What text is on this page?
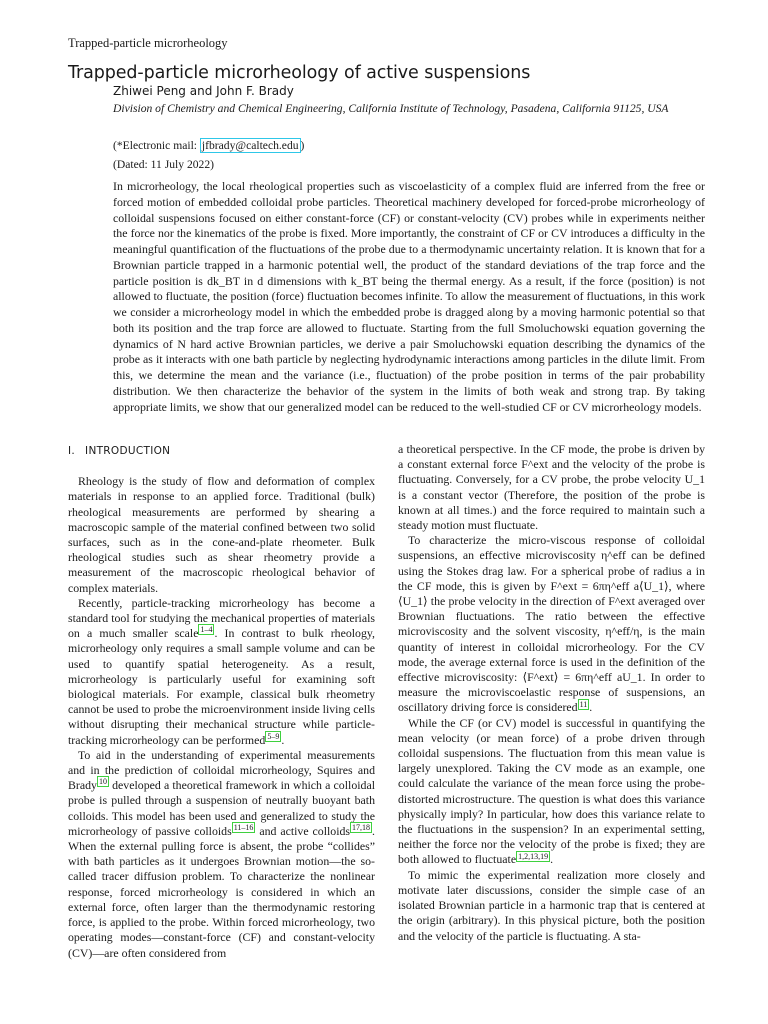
Trapped-particle microrheology
Trapped-particle microrheology of active suspensions
Zhiwei Peng and John F. Brady
Division of Chemistry and Chemical Engineering, California Institute of Technology, Pasadena, California 91125, USA
(*Electronic mail: jfbrady@caltech.edu )
(Dated: 11 July 2022)
In microrheology, the local rheological properties such as viscoelasticity of a complex fluid are inferred from the free or forced motion of embedded colloidal probe particles. Theoretical machinery developed for forced-probe microrheology of colloidal suspensions focused on either constant-force (CF) or constant-velocity (CV) probes while in experiments neither the force nor the kinematics of the probe is fixed. More importantly, the constraint of CF or CV introduces a difficulty in the meaningful quantification of the fluctuations of the probe due to a thermodynamic uncertainty relation. It is known that for a Brownian particle trapped in a harmonic potential well, the product of the standard deviations of the trap force and the particle position is dk_BT in d dimensions with k_BT being the thermal energy. As a result, if the force (position) is not allowed to fluctuate, the position (force) fluctuation becomes infinite. To allow the measurement of fluctuations, in this work we consider a microrheology model in which the embedded probe is dragged along by a moving harmonic potential so that both its position and the trap force are allowed to fluctuate. Starting from the full Smoluchowski equation governing the dynamics of N hard active Brownian particles, we derive a pair Smoluchowski equation describing the dynamics of the probe as it interacts with one bath particle by neglecting hydrodynamic interactions among particles in the dilute limit. From this, we determine the mean and the variance (i.e., fluctuation) of the probe position in terms of the pair probability distribution. We then characterize the behavior of the system in the limits of both weak and strong trap. By taking appropriate limits, we show that our generalized model can be reduced to the well-studied CF or CV microrheology models.
I. INTRODUCTION

Rheology is the study of flow and deformation of complex materials in response to an applied force. Traditional (bulk) rheological measurements are performed by shearing a macroscopic sample of the material confined between two solid surfaces, such as in the cone-and-plate rheometer. Bulk rheological studies such as shear rheometry provide a measurement of the macroscopic rheological behavior of complex materials.

Recently, particle-tracking microrheology has become a standard tool for studying the mechanical properties of materials on a much smaller scale $^{1-4}$ . In contrast to bulk rheology, microrheology only requires a small sample volume and can be used to quantify spatial heterogeneity. As a result, microrheology is particularly useful for examining soft biological materials. For example, classical bulk rheometry cannot be used to probe the microenvironment inside living cells without disrupting their mechanical structure while particle-tracking microrheology can be performed $^{5-9}$ .

To aid in the understanding of experimental measurements and in the prediction of colloidal microrheology, Squires and Brady $^{10}$ developed a theoretical framework in which a colloidal probe is pulled through a suspension of neutrally buoyant bath colloids. This model has been used and generalized to study the microrheology of passive colloids $^{11-16}$ and active colloids $^{17,18}$ . When the external pulling force is absent, the probe “collides” with bath particles as it undergoes Brownian motion—the so-called tracer diffusion problem. To characterize the nonlinear response, forced microrheology is considered in which an external force, often larger than the thermodynamic restoring force, is applied to the probe. Within forced microrheology, two operating modes—constant-force (CF) and constant-velocity (CV)—are often considered from

a theoretical perspective. In the CF mode, the probe is driven by a constant external force F^ext and the velocity of the probe is fluctuating. Conversely, for a CV probe, the probe velocity U_1 is a constant vector (Therefore, the position of the probe is known at all times.) and the force required to maintain such a steady motion must fluctuate.

To characterize the micro-viscous response of colloidal suspensions, an effective microviscosity η^eff can be defined using the Stokes drag law. For a spherical probe of radius a in the CF mode, this is given by F^ext = 6πη^eff a⟨U_1⟩, where ⟨U_1⟩ the probe velocity in the direction of F^ext averaged over Brownian fluctuations. The ratio between the effective microviscosity and the solvent viscosity, η^eff/η, is the main quantity of interest in colloidal microrheology. For the CV mode, the average external force is used in the definition of the effective microviscosity: ⟨F^ext⟩ = 6πη^eff aU_1. In order to measure the microviscoelastic response of suspensions, an oscillatory driving force is considered $^{11}$ .

While the CF (or CV) model is successful in quantifying the mean velocity (or mean force) of a probe driven through colloidal suspensions. The fluctuation from this mean value is largely unexplored. Taking the CV mode as an example, one could calculate the variance of the mean force using the probe-distorted microstructure. The question is what does this variance physically imply? In particular, how does this variance relate to the fluctuations in the suspension? In an experimental setting, neither the force nor the velocity of the probe is fixed; they are both allowed to fluctuate $^{1,2,13,19}$ .

To mimic the experimental realization more closely and motivate later discussions, consider the simple case of an isolated Brownian particle in a harmonic trap that is centered at the origin (arbitrary). In this physical picture, both the position and the velocity of the particle is fluctuating. A sta-
